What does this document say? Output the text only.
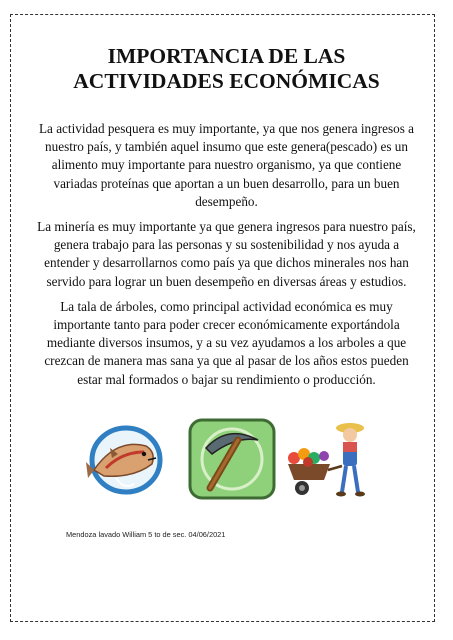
IMPORTANCIA DE LAS
ACTIVIDADES ECONÓMICAS

La actividad pesquera es muy importante, ya que nos genera ingresos a nuestro país, y también aquel insumo que este genera(pescado) es un alimento muy importante para nuestro organismo, ya que contiene variadas proteínas que aportan a un buen desarrollo, para un buen desempeño.

La minería es muy importante ya que genera ingresos para nuestro país, genera trabajo para las personas y su sostenibilidad y nos ayuda a entender y desarrollarnos como país ya que dichos minerales nos han servido para lograr un buen desempeño en diversas áreas y estudios.

La tala de árboles, como principal actividad económica es muy importante tanto para poder crecer económicamente exportándola mediante diversos insumos, y a su vez ayudamos a los arboles a que crezcan de manera mas sana ya que al pasar de los años estos pueden estar mal formados o bajar su rendimiento o producción.

Mendoza lavado William 5 to de sec. 04/06/2021
